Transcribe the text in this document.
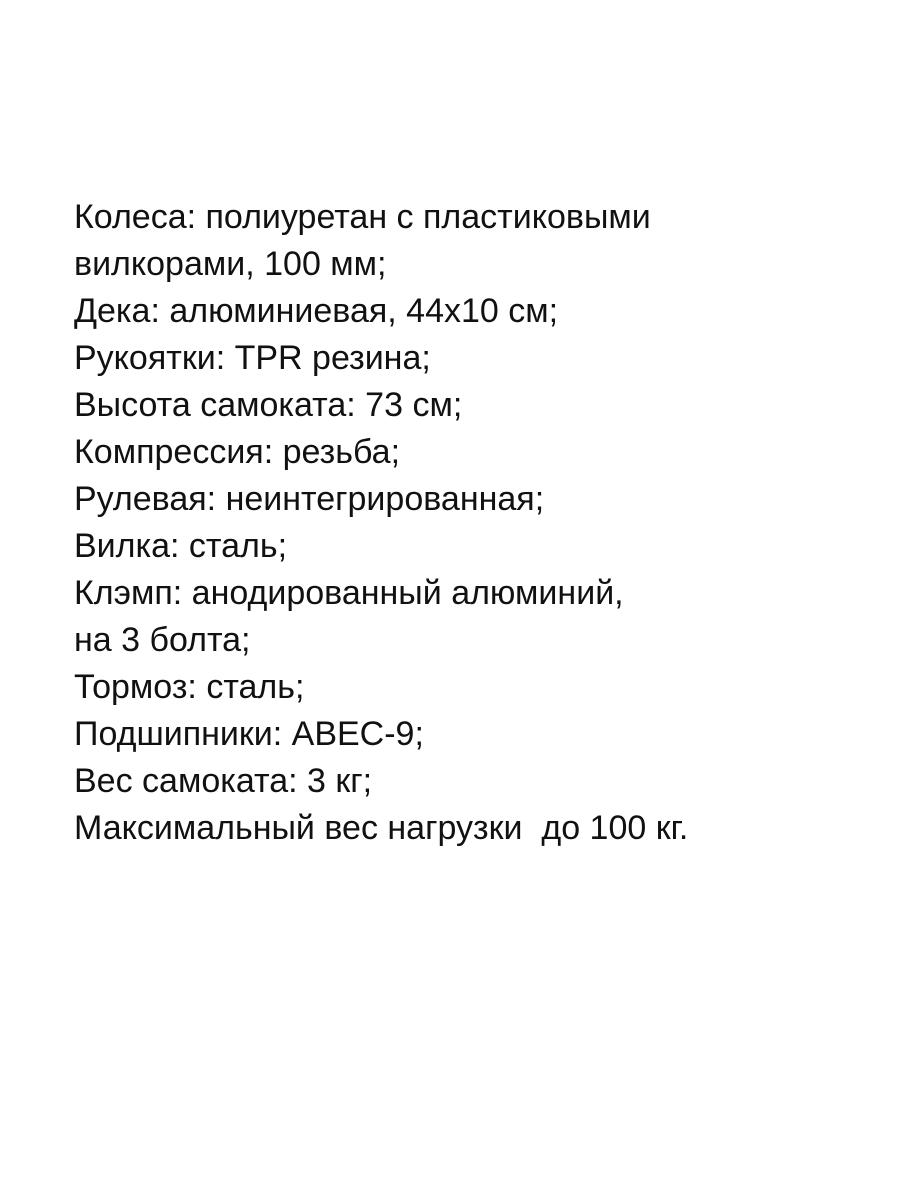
Колеса: полиуретан с пластиковыми
вилкорами, 100 мм;
Дека: алюминиевая, 44х10 см;
Рукоятки: TPR резина;
Высота самоката: 73 см;
Компрессия: резьба;
Рулевая: неинтегрированная;
Вилка: сталь;
Клэмп: анодированный алюминий,
на 3 болта;
Тормоз: сталь;
Подшипники: ABEC-9;
Вес самоката: 3 кг;
Максимальный вес нагрузки  до 100 кг.
